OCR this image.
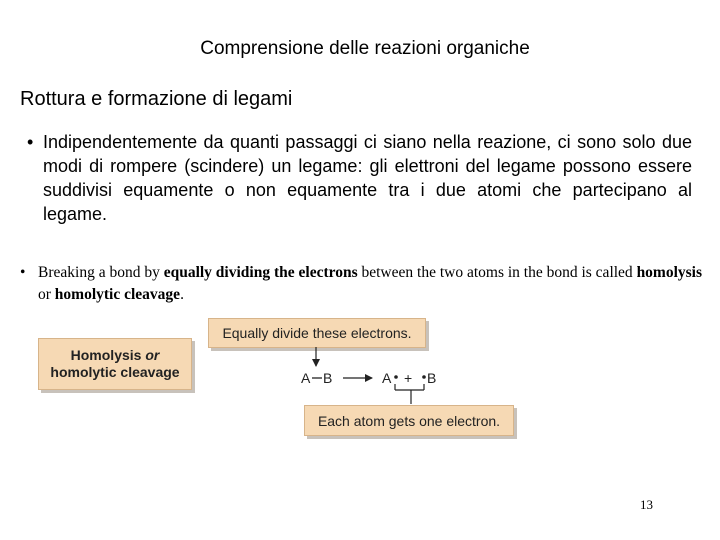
Comprensione delle reazioni organiche
Rottura e formazione di legami
• Indipendentemente da quanti passaggi ci siano nella reazione, ci sono solo due modi di rompere (scindere) un legame: gli elettroni del legame possono essere suddivisi equamente o non equamente tra i due atomi che partecipano al legame.
• Breaking a bond by equally dividing the electrons between the two atoms in the bond is called homolysis or homolytic cleavage.
Homolysis or
homolytic cleavage
Equally divide these electrons.
Each atom gets one electron.
A B	A + B
13
